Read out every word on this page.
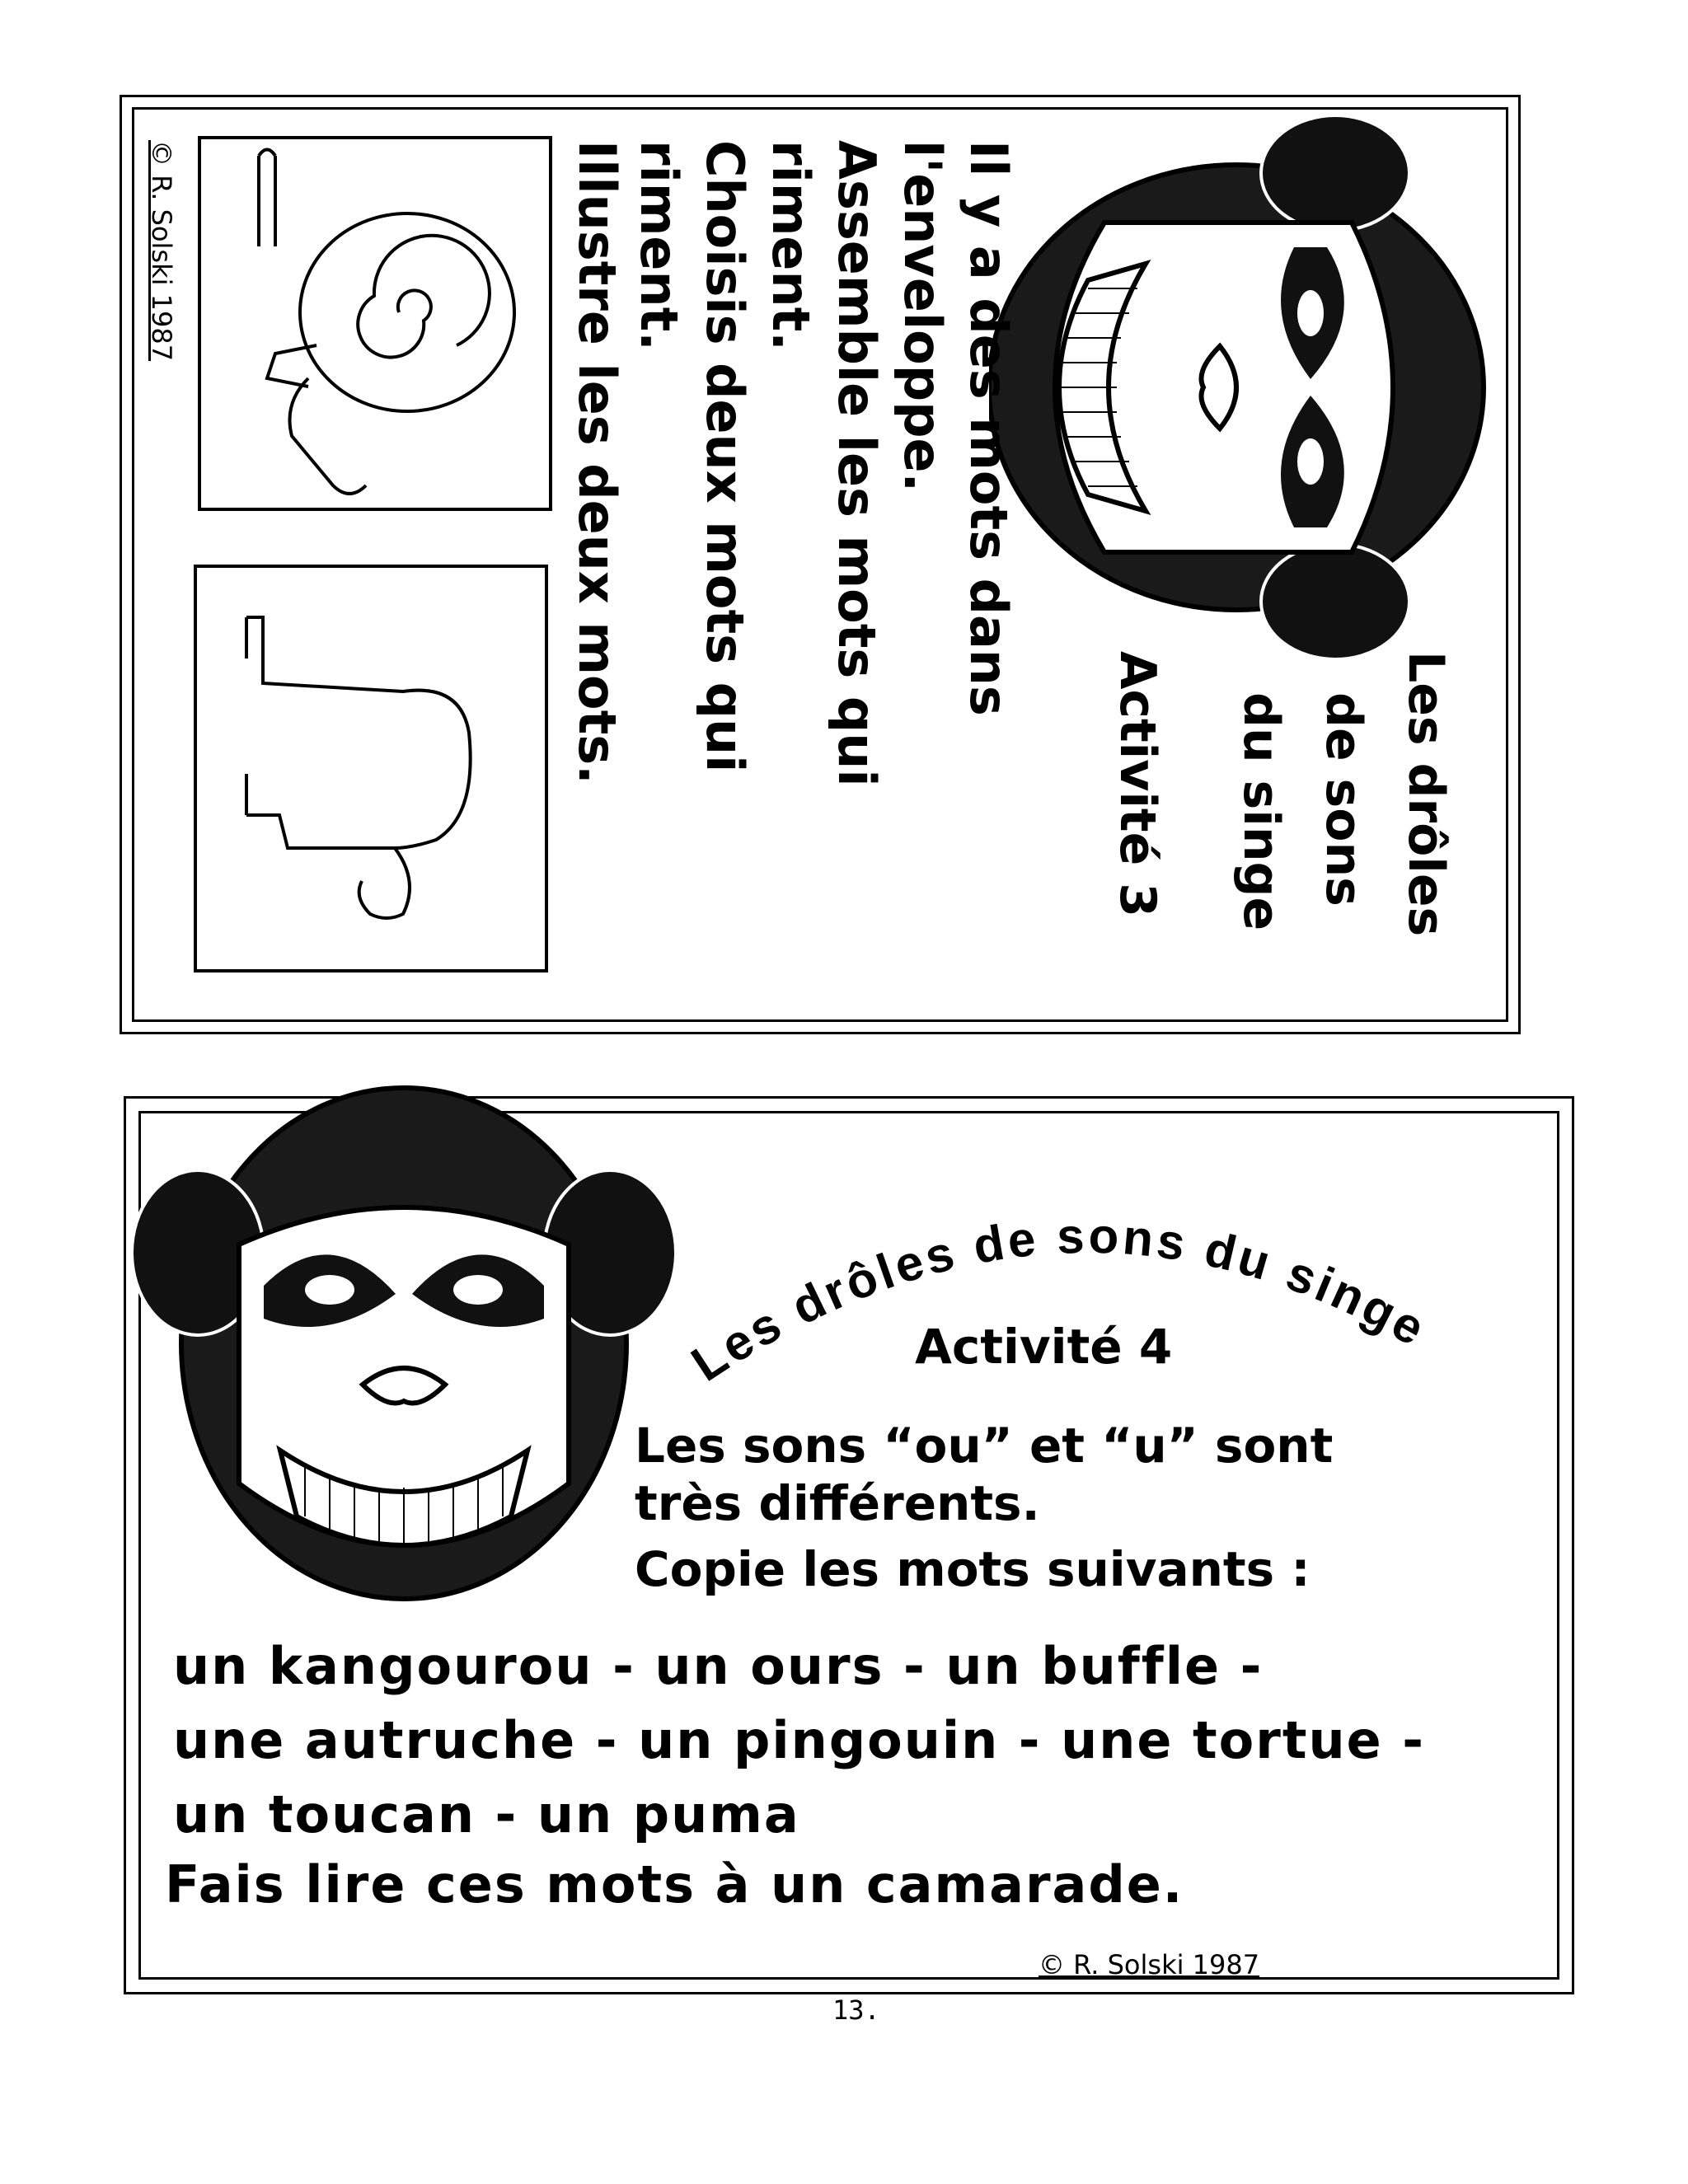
Les drôles
de sons
du singe
Activité 3
Il y a des mots dans
l'enveloppe.
Assemble les mots qui
riment.
Choisis deux mots qui
riment.
Illustre les deux mots.
© R. Solski 1987
Les drôles de sons du singe
Activité 4
Les sons “ou” et “u” sont
très différents.
Copie les mots suivants :
un kangourou - un ours - un buffle -
une autruche - un pingouin - une tortue -
un toucan - un puma
Fais lire ces mots à un camarade.
© R. Solski 1987
13.
